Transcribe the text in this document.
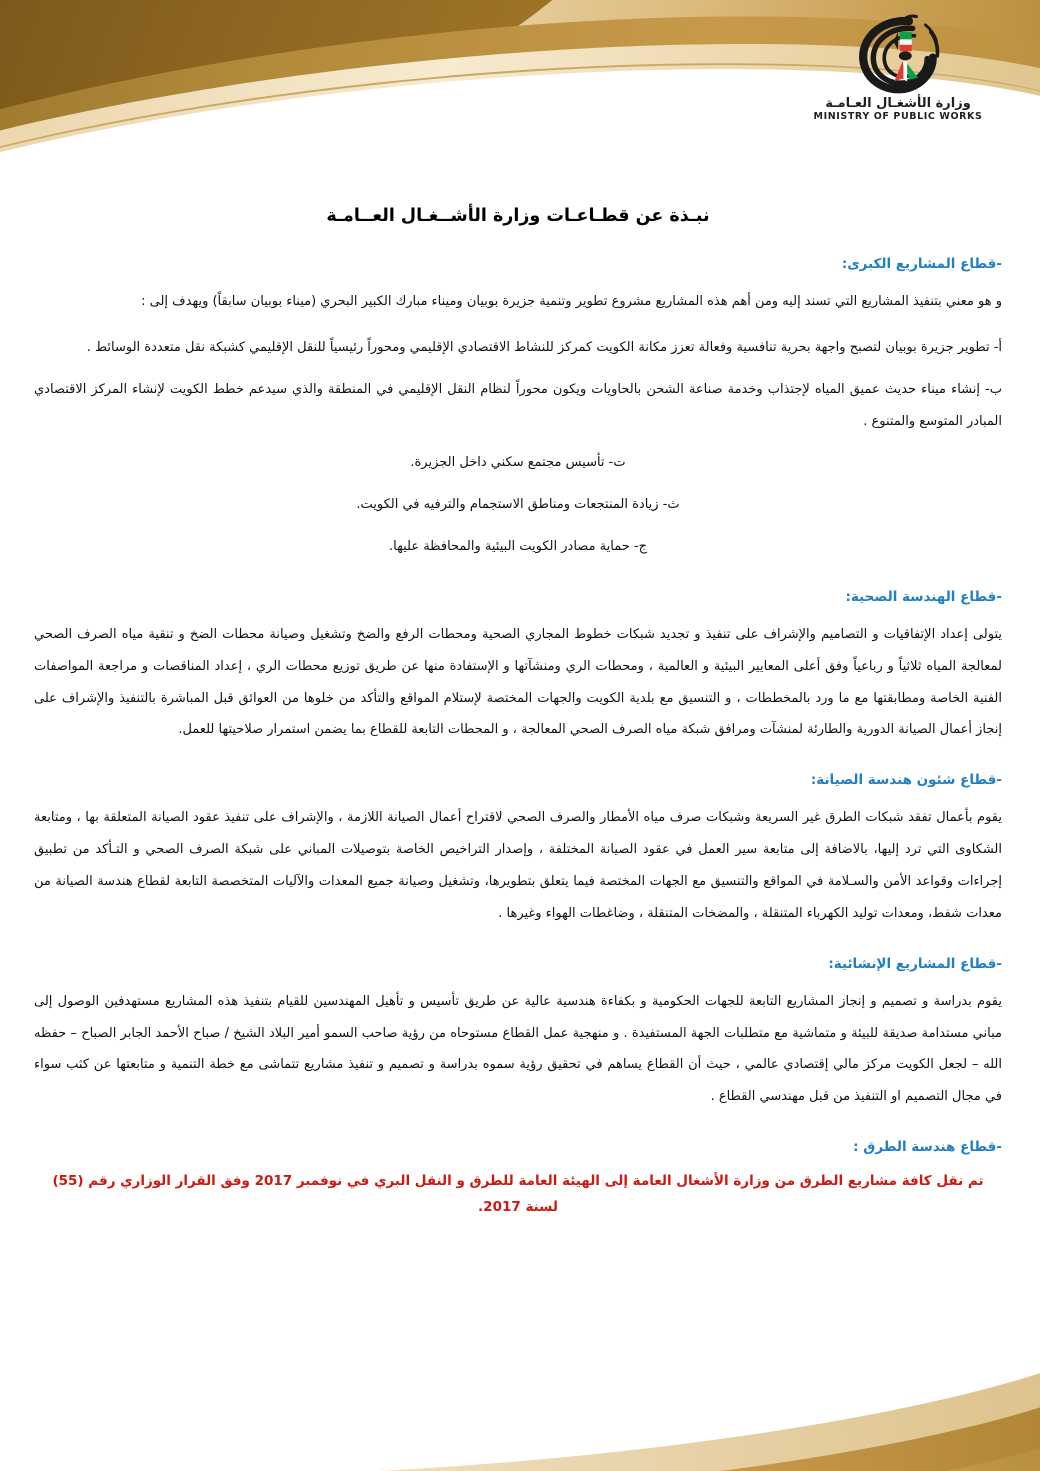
وزارة الأشغـال العـامـة
MINISTRY OF PUBLIC WORKS
نبـذة عن قطـاعـات وزارة الأشــغـال العــامـة
-قطاع المشاريع الكبرى:

و هو معني بتنفيذ المشاريع التي تسند إليه ومن أهم هذه المشاريع مشروع تطوير وتنمية جزيرة بوبيان وميناء مبارك الكبير البحري (ميناء بوبيان سابقاً) ويهدف إلى :

أ- تطوير جزيرة بوبيان لتصبح واجهة بحرية تنافسية وفعالة تعزز مكانة الكويت كمركز للنشاط الاقتصادي الإقليمي ومحوراً رئيسياً للنقل الإقليمي كشبكة نقل متعددة الوسائط .

ب- إنشاء ميناء حديث عميق المياه لإجتذاب وخدمة صناعة الشحن بالحاويات ويكون محوراً لنظام النقل الإقليمي في المنطقة والذي سيدعم خطط الكويت لإنشاء المركز الاقتصادي المبادر المتوسع والمتنوع .

ت- تأسيس مجتمع سكني داخل الجزيرة.

ث- زيادة المنتجعات ومناطق الاستجمام والترفيه في الكويت.

ج- حماية مصادر الكويت البيئية والمحافظة عليها.

-قطاع الهندسة الصحية:

يتولى إعداد الإتفاقيات و التصاميم والإشراف على تنفيذ و تجديد شبكات خطوط المجاري الصحية ومحطات الرفع والضخ وتشغيل وصيانة محطات الضخ و تنقية مياه الصرف الصحي لمعالجة المياه ثلاثياً و رباعياً وفق أعلى المعايير البيئية و العالمية ، ومحطات الري ومنشآتها و الإستفادة منها عن طريق توزيع محطات الري ، إعداد المناقصات و مراجعة المواصفات الفنية الخاصة ومطابقتها مع ما ورد بالمخططات ، و التنسيق مع بلدية الكويت والجهات المختصة لإستلام المواقع والتأكد من خلوها من العوائق قبل المباشرة بالتنفيذ والإشراف على إنجاز أعمال الصيانة الدورية والطارئة لمنشآت ومرافق شبكة مياه الصرف الصحي المعالجة ، و المحطات التابعة للقطاع بما يضمن استمرار صلاحيتها للعمل.

-قطاع شئون هندسة الصيانة:

يقوم بأعمال تفقد شبكات الطرق غير السريعة وشبكات صرف مياه الأمطار والصرف الصحي لاقتراح أعمال الصيانة اللازمة ، والإشراف على تنفيذ عقود الصيانة المتعلقة بها ، ومتابعة الشكاوى التي ترد إليها، بالاضافة إلى متابعة سير العمل في عقود الصيانة المختلفة ، وإصدار التراخيص الخاصة بتوصيلات المباني على شبكة الصرف الصحي و التـأكد من تطبيق إجراءات وقواعد الأمن والسـلامة في المواقع والتنسيق مع الجهات المختصة فيما يتعلق بتطويرها، وتشغيل وصيانة جميع المعدات والآليات المتخصصة التابعة لقطاع هندسة الصيانة من معدات شفط، ومعدات توليد الكهرباء المتنقلة ، والمضخات المتنقلة ، وضاغطات الهواء وغيرها .

-قطاع المشاريع الإنشائية:

يقوم بدراسة و تصميم و إنجاز المشاريع التابعة للجهات الحكومية و بكفاءة هندسية عالية عن طريق تأسيس و تأهيل المهندسين للقيام بتنفيذ هذه المشاريع مستهدفين الوصول إلى مباني مستدامة صديقة للبيئة و متماشية مع متطلبات الجهة المستفيدة . و منهجية عمل القطاع مستوحاه من رؤية صاحب السمو أمير البلاد الشيخ / صباح الأحمد الجابر الصباح – حفظه الله – لجعل الكويت مركز مالي إقتصادي عالمي ، حيث أن القطاع يساهم في تحقيق رؤية سموه بدراسة و تصميم و تنفيذ مشاريع تتماشى مع خطة التنمية و متابعتها عن كثب سواء في مجال التصميم او التنفيذ من قبل مهندسي القطاع .

-قطاع هندسة الطرق :

تم نقل كافة مشاريع الطرق من وزارة الأشغال العامة إلى الهيئة العامة للطرق و النقل البري في نوفمبر 2017 وفق القرار الوزاري رقم (55) لسنة 2017.
